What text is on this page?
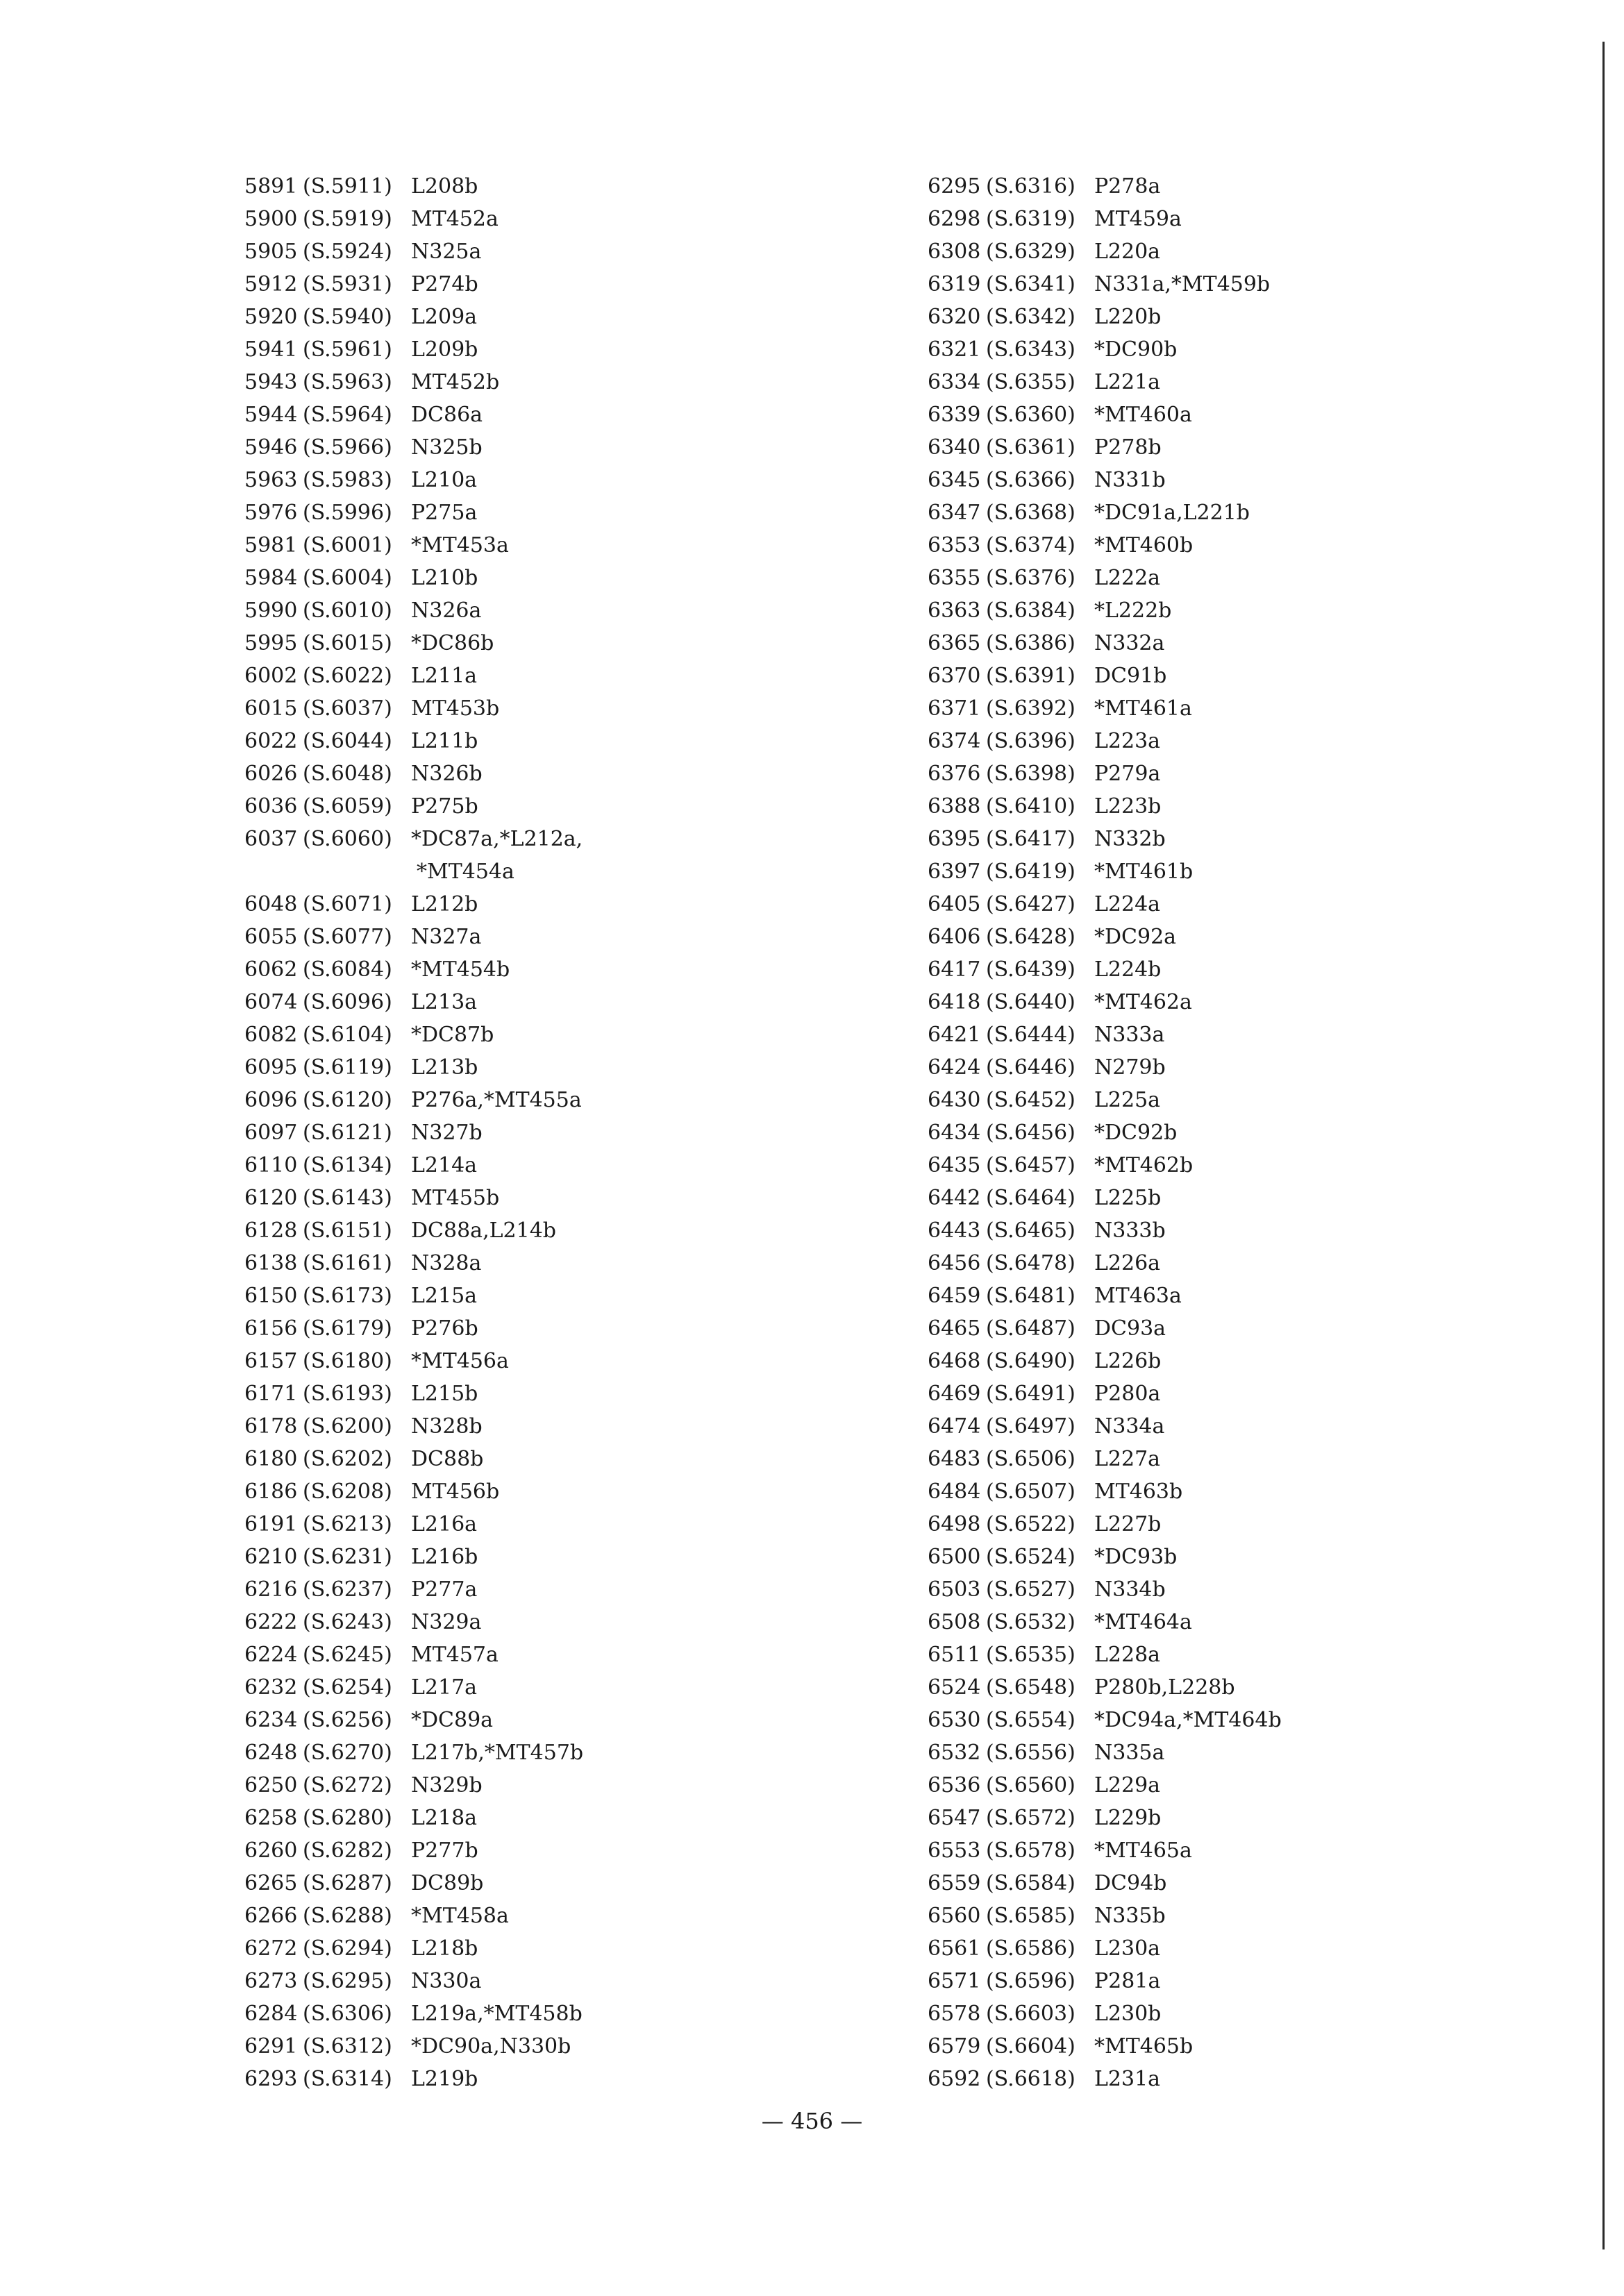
5891 (S.5911) L208b
5900 (S.5919) MT452a
5905 (S.5924) N325a
5912 (S.5931) P274b
5920 (S.5940) L209a
5941 (S.5961) L209b
5943 (S.5963) MT452b
5944 (S.5964) DC86a
5946 (S.5966) N325b
5963 (S.5983) L210a
5976 (S.5996) P275a
5981 (S.6001) *MT453a
5984 (S.6004) L210b
5990 (S.6010) N326a
5995 (S.6015) *DC86b
6002 (S.6022) L211a
6015 (S.6037) MT453b
6022 (S.6044) L211b
6026 (S.6048) N326b
6036 (S.6059) P275b
6037 (S.6060) *DC87a,*L212a,
*MT454a
6048 (S.6071) L212b
6055 (S.6077) N327a
6062 (S.6084) *MT454b
6074 (S.6096) L213a
6082 (S.6104) *DC87b
6095 (S.6119) L213b
6096 (S.6120) P276a,*MT455a
6097 (S.6121) N327b
6110 (S.6134) L214a
6120 (S.6143) MT455b
6128 (S.6151) DC88a,L214b
6138 (S.6161) N328a
6150 (S.6173) L215a
6156 (S.6179) P276b
6157 (S.6180) *MT456a
6171 (S.6193) L215b
6178 (S.6200) N328b
6180 (S.6202) DC88b
6186 (S.6208) MT456b
6191 (S.6213) L216a
6210 (S.6231) L216b
6216 (S.6237) P277a
6222 (S.6243) N329a
6224 (S.6245) MT457a
6232 (S.6254) L217a
6234 (S.6256) *DC89a
6248 (S.6270) L217b,*MT457b
6250 (S.6272) N329b
6258 (S.6280) L218a
6260 (S.6282) P277b
6265 (S.6287) DC89b
6266 (S.6288) *MT458a
6272 (S.6294) L218b
6273 (S.6295) N330a
6284 (S.6306) L219a,*MT458b
6291 (S.6312) *DC90a,N330b
6293 (S.6314) L219b
6295 (S.6316) P278a
6298 (S.6319) MT459a
6308 (S.6329) L220a
6319 (S.6341) N331a,*MT459b
6320 (S.6342) L220b
6321 (S.6343) *DC90b
6334 (S.6355) L221a
6339 (S.6360) *MT460a
6340 (S.6361) P278b
6345 (S.6366) N331b
6347 (S.6368) *DC91a,L221b
6353 (S.6374) *MT460b
6355 (S.6376) L222a
6363 (S.6384) *L222b
6365 (S.6386) N332a
6370 (S.6391) DC91b
6371 (S.6392) *MT461a
6374 (S.6396) L223a
6376 (S.6398) P279a
6388 (S.6410) L223b
6395 (S.6417) N332b
6397 (S.6419) *MT461b
6405 (S.6427) L224a
6406 (S.6428) *DC92a
6417 (S.6439) L224b
6418 (S.6440) *MT462a
6421 (S.6444) N333a
6424 (S.6446) N279b
6430 (S.6452) L225a
6434 (S.6456) *DC92b
6435 (S.6457) *MT462b
6442 (S.6464) L225b
6443 (S.6465) N333b
6456 (S.6478) L226a
6459 (S.6481) MT463a
6465 (S.6487) DC93a
6468 (S.6490) L226b
6469 (S.6491) P280a
6474 (S.6497) N334a
6483 (S.6506) L227a
6484 (S.6507) MT463b
6498 (S.6522) L227b
6500 (S.6524) *DC93b
6503 (S.6527) N334b
6508 (S.6532) *MT464a
6511 (S.6535) L228a
6524 (S.6548) P280b,L228b
6530 (S.6554) *DC94a,*MT464b
6532 (S.6556) N335a
6536 (S.6560) L229a
6547 (S.6572) L229b
6553 (S.6578) *MT465a
6559 (S.6584) DC94b
6560 (S.6585) N335b
6561 (S.6586) L230a
6571 (S.6596) P281a
6578 (S.6603) L230b
6579 (S.6604) *MT465b
6592 (S.6618) L231a
— 456 —
